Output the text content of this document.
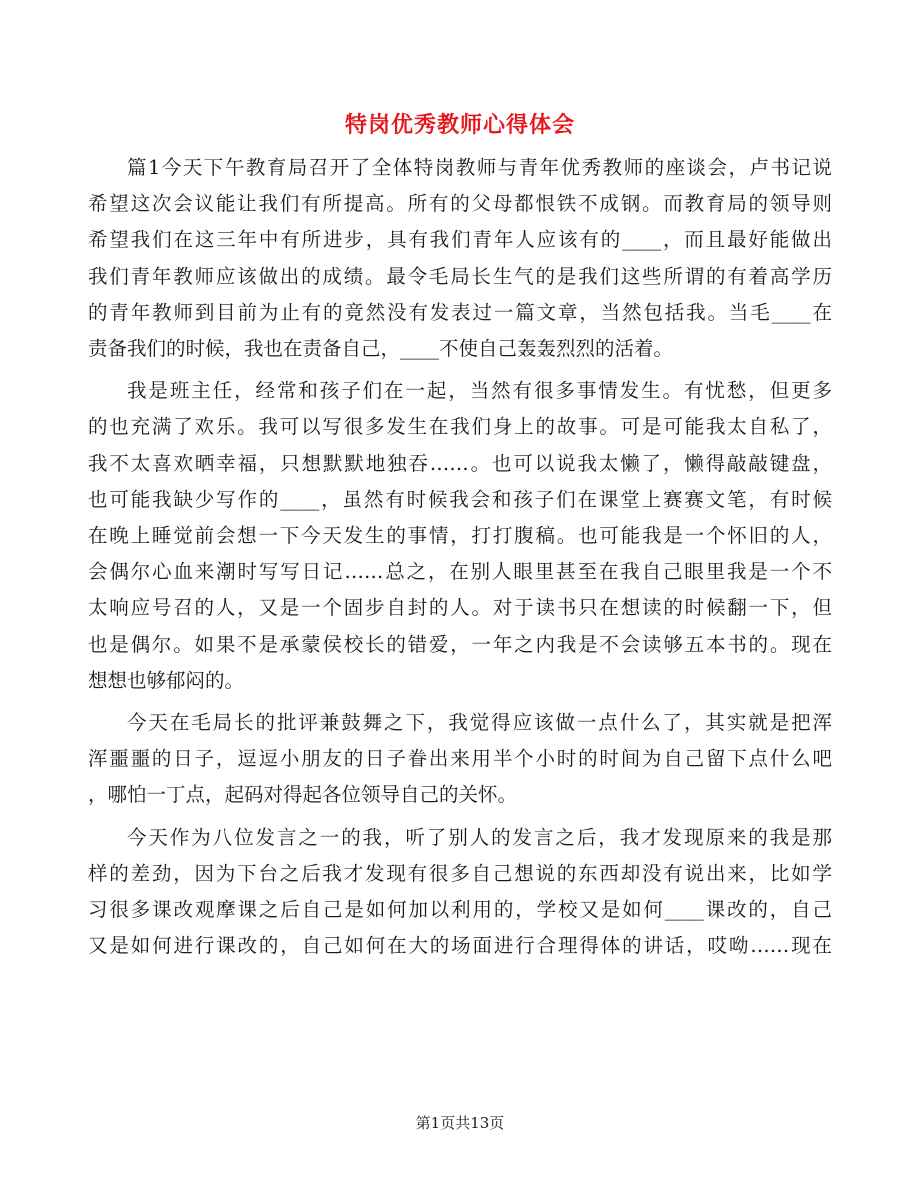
特岗优秀教师心得体会
篇1今天下午教育局召开了全体特岗教师与青年优秀教师的座谈会，卢书记说
希望这次会议能让我们有所提高。所有的父母都恨铁不成钢。而教育局的领导则
希望我们在这三年中有所进步，具有我们青年人应该有的____，而且最好能做出
我们青年教师应该做出的成绩。最令毛局长生气的是我们这些所谓的有着高学历
的青年教师到目前为止有的竟然没有发表过一篇文章，当然包括我。当毛____在
责备我们的时候，我也在责备自己，____不使自己轰轰烈烈的活着。
我是班主任，经常和孩子们在一起，当然有很多事情发生。有忧愁，但更多
的也充满了欢乐。我可以写很多发生在我们身上的故事。可是可能我太自私了，
我不太喜欢晒幸福，只想默默地独吞……。也可以说我太懒了，懒得敲敲键盘，
也可能我缺少写作的____，虽然有时候我会和孩子们在课堂上赛赛文笔，有时候
在晚上睡觉前会想一下今天发生的事情，打打腹稿。也可能我是一个怀旧的人，
会偶尔心血来潮时写写日记……总之，在别人眼里甚至在我自己眼里我是一个不
太响应号召的人，又是一个固步自封的人。对于读书只在想读的时候翻一下，但
也是偶尔。如果不是承蒙侯校长的错爱，一年之内我是不会读够五本书的。现在
想想也够郁闷的。
今天在毛局长的批评兼鼓舞之下，我觉得应该做一点什么了，其实就是把浑
浑噩噩的日子，逗逗小朋友的日子眷出来用半个小时的时间为自己留下点什么吧
，哪怕一丁点，起码对得起各位领导自己的关怀。
今天作为八位发言之一的我，听了别人的发言之后，我才发现原来的我是那
样的差劲，因为下台之后我才发现有很多自己想说的东西却没有说出来，比如学
习很多课改观摩课之后自己是如何加以利用的，学校又是如何____课改的，自己
又是如何进行课改的，自己如何在大的场面进行合理得体的讲话，哎呦……现在
第1页共13页
